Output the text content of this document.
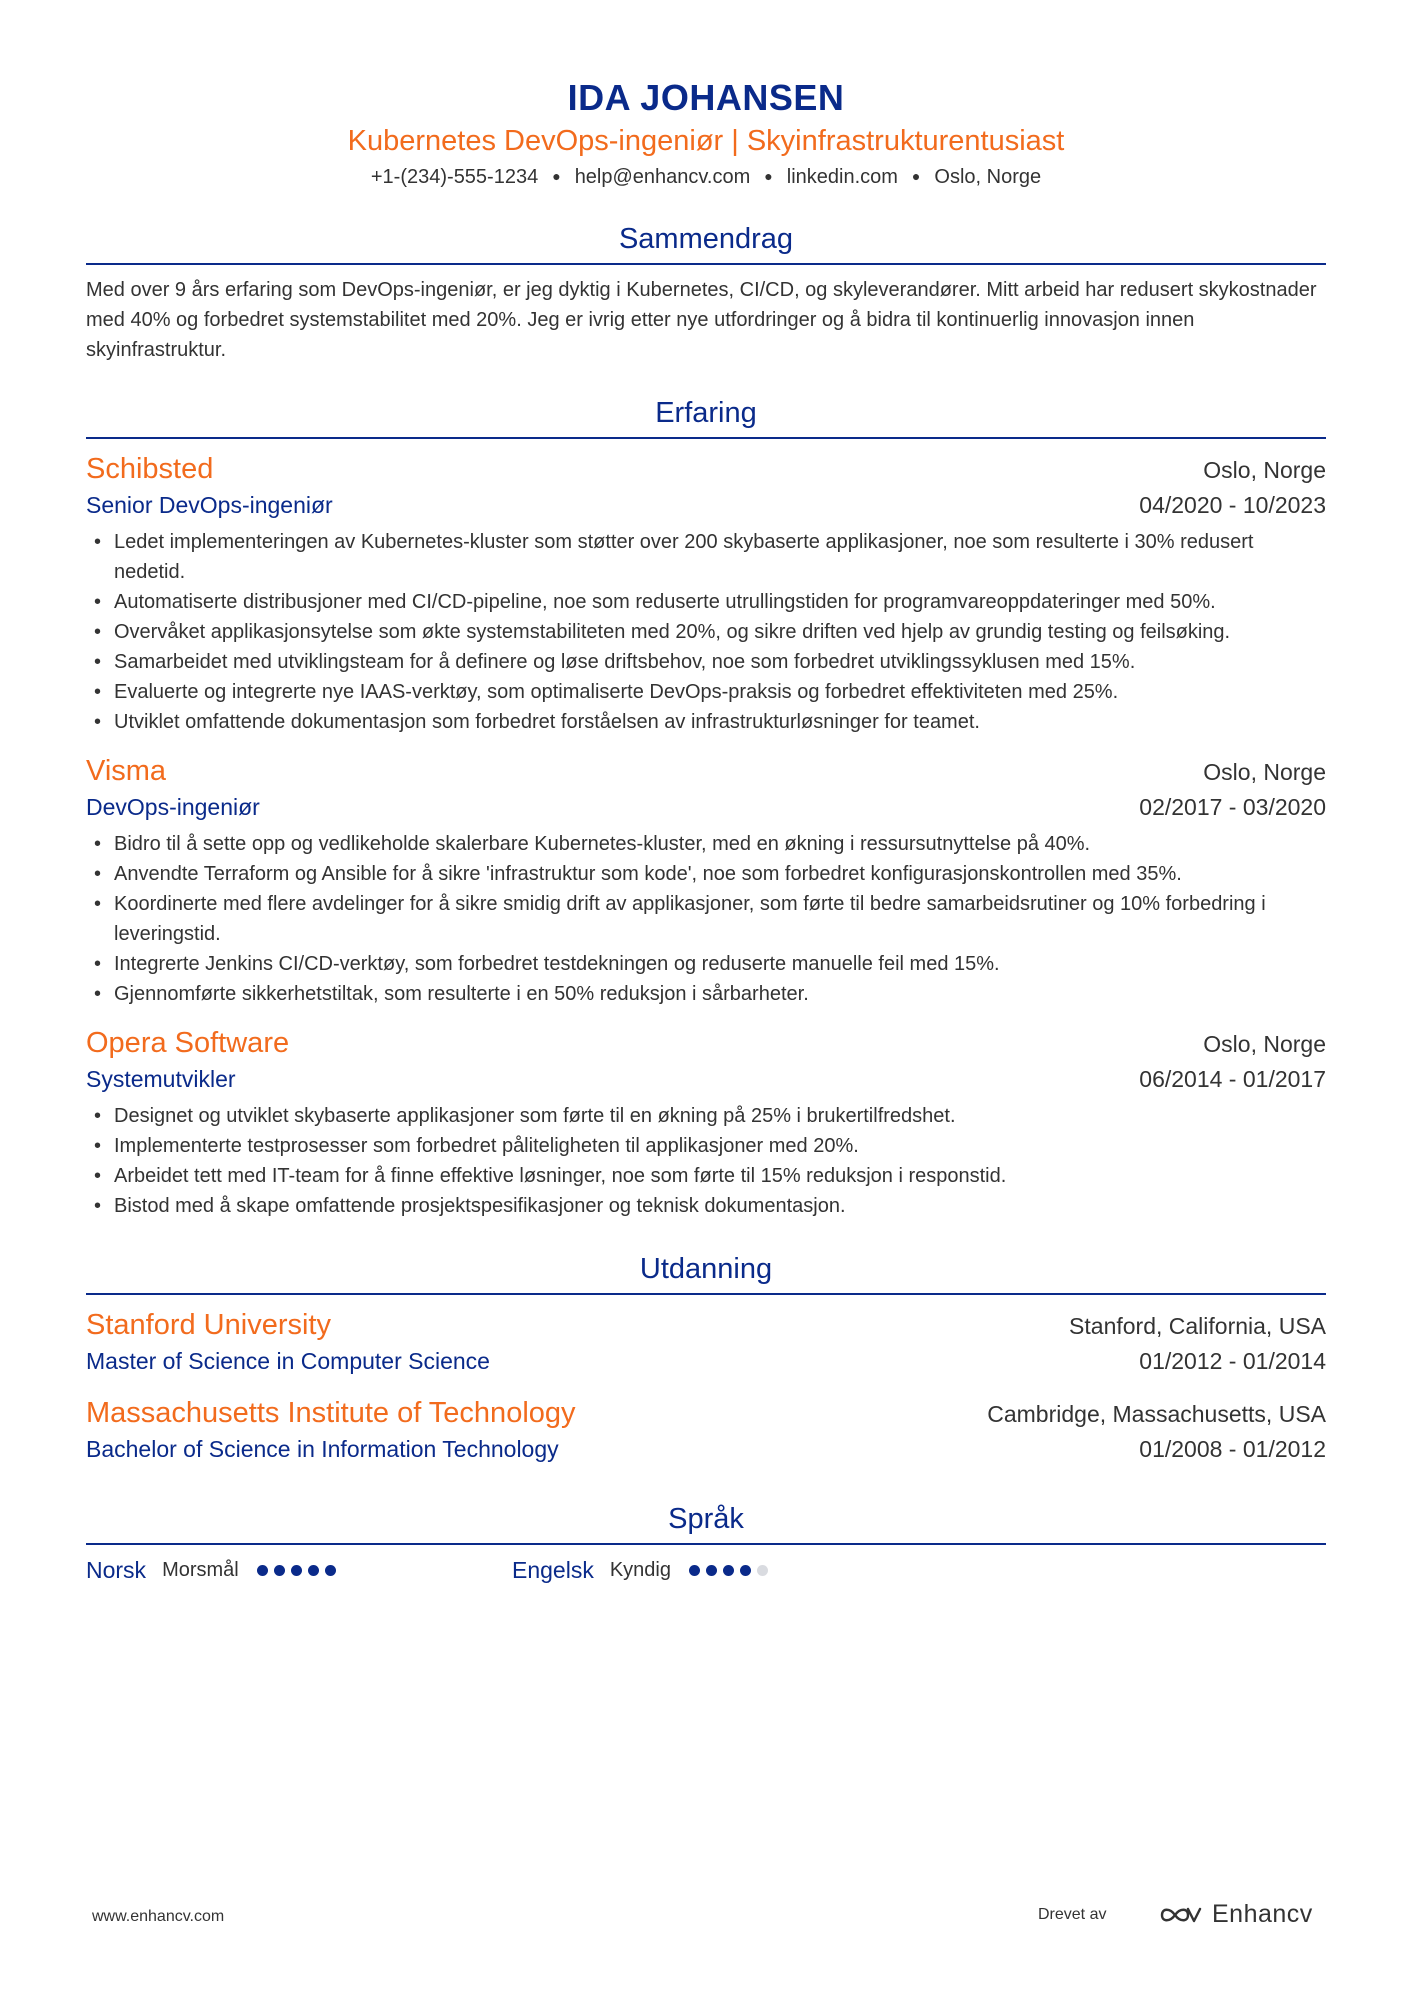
IDA JOHANSEN
Kubernetes DevOps-ingeniør | Skyinfrastrukturentusiast
+1-(234)-555-1234 ● help@enhancv.com ● linkedin.com ● Oslo, Norge
Sammendrag
Med over 9 års erfaring som DevOps-ingeniør, er jeg dyktig i Kubernetes, CI/CD, og skyleverandører. Mitt arbeid har redusert skykostnader med 40% og forbedret systemstabilitet med 20%. Jeg er ivrig etter nye utfordringer og å bidra til kontinuerlig innovasjon innen skyinfrastruktur.
Erfaring
Schibsted	Oslo, Norge
Senior DevOps-ingeniør	04/2020 - 10/2023
• Ledet implementeringen av Kubernetes-kluster som støtter over 200 skybaserte applikasjoner, noe som resulterte i 30% redusert nedetid.
• Automatiserte distribusjoner med CI/CD-pipeline, noe som reduserte utrullingstiden for programvareoppdateringer med 50%.
• Overvåket applikasjonsytelse som økte systemstabiliteten med 20%, og sikre driften ved hjelp av grundig testing og feilsøking.
• Samarbeidet med utviklingsteam for å definere og løse driftsbehov, noe som forbedret utviklingssyklusen med 15%.
• Evaluerte og integrerte nye IAAS-verktøy, som optimaliserte DevOps-praksis og forbedret effektiviteten med 25%.
• Utviklet omfattende dokumentasjon som forbedret forståelsen av infrastrukturløsninger for teamet.
Visma	Oslo, Norge
DevOps-ingeniør	02/2017 - 03/2020
• Bidro til å sette opp og vedlikeholde skalerbare Kubernetes-kluster, med en økning i ressursutnyttelse på 40%.
• Anvendte Terraform og Ansible for å sikre 'infrastruktur som kode', noe som forbedret konfigurasjonskontrollen med 35%.
• Koordinerte med flere avdelinger for å sikre smidig drift av applikasjoner, som førte til bedre samarbeidsrutiner og 10% forbedring i leveringstid.
• Integrerte Jenkins CI/CD-verktøy, som forbedret testdekningen og reduserte manuelle feil med 15%.
• Gjennomførte sikkerhetstiltak, som resulterte i en 50% reduksjon i sårbarheter.
Opera Software	Oslo, Norge
Systemutvikler	06/2014 - 01/2017
• Designet og utviklet skybaserte applikasjoner som førte til en økning på 25% i brukertilfredshet.
• Implementerte testprosesser som forbedret påliteligheten til applikasjoner med 20%.
• Arbeidet tett med IT-team for å finne effektive løsninger, noe som førte til 15% reduksjon i responstid.
• Bistod med å skape omfattende prosjektspesifikasjoner og teknisk dokumentasjon.
Utdanning
Stanford University	Stanford, California, USA
Master of Science in Computer Science	01/2012 - 01/2014
Massachusetts Institute of Technology	Cambridge, Massachusetts, USA
Bachelor of Science in Information Technology	01/2008 - 01/2012
Språk
Norsk Morsmål	Engelsk Kyndig
www.enhancv.com	Drevet av	Enhancv
